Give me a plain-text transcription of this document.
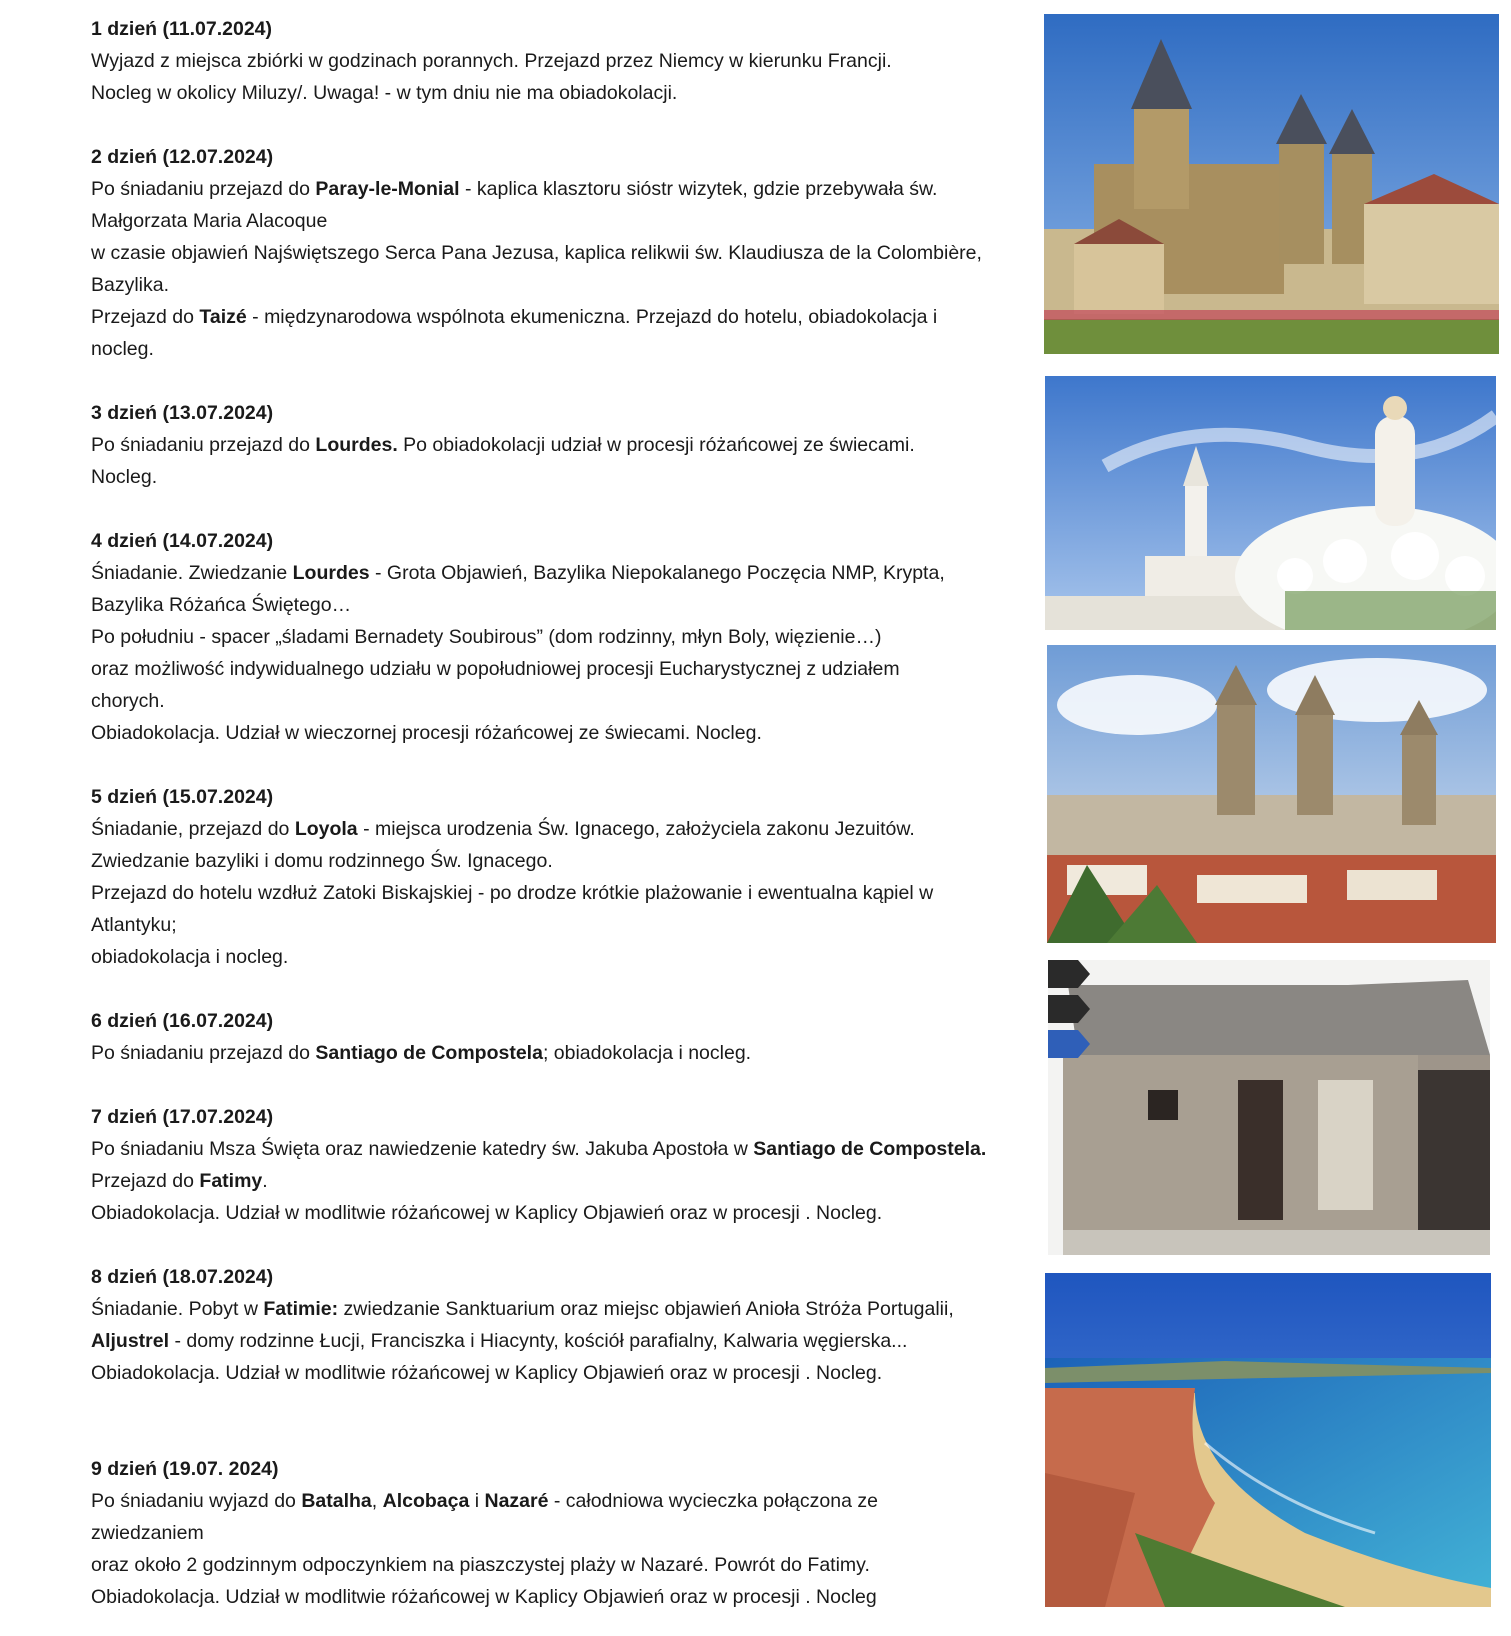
1 dzień (11.07.2024)
Wyjazd z miejsca zbiórki w godzinach porannych. Przejazd przez Niemcy w kierunku Francji.
Nocleg w okolicy Miluzy/. Uwaga! - w tym dniu nie ma obiadokolacji.
2 dzień (12.07.2024)
Po śniadaniu przejazd do Paray-le-Monial - kaplica klasztoru sióstr wizytek, gdzie przebywała św.
Małgorzata Maria Alacoque
w czasie objawień Najświętszego Serca Pana Jezusa, kaplica relikwii św. Klaudiusza de la Colombière,
Bazylika.
Przejazd do Taizé - międzynarodowa wspólnota ekumeniczna. Przejazd do hotelu, obiadokolacja i
nocleg.
3 dzień (13.07.2024)
Po śniadaniu przejazd do Lourdes. Po obiadokolacji udział w procesji różańcowej ze świecami.
Nocleg.
4 dzień (14.07.2024)
Śniadanie. Zwiedzanie Lourdes - Grota Objawień, Bazylika Niepokalanego Poczęcia NMP, Krypta,
Bazylika Różańca Świętego…
Po południu - spacer „śladami Bernadety Soubirous” (dom rodzinny, młyn Boly, więzienie…)
oraz możliwość indywidualnego udziału w popołudniowej procesji Eucharystycznej z udziałem
chorych.
Obiadokolacja. Udział w wieczornej procesji różańcowej ze świecami. Nocleg.
5 dzień (15.07.2024)
Śniadanie, przejazd do Loyola - miejsca urodzenia Św. Ignacego, założyciela zakonu Jezuitów.
Zwiedzanie bazyliki i domu rodzinnego Św. Ignacego.
Przejazd do hotelu wzdłuż Zatoki Biskajskiej - po drodze krótkie plażowanie i ewentualna kąpiel w
Atlantyku;
obiadokolacja i nocleg.
6 dzień (16.07.2024)
Po śniadaniu przejazd do Santiago de Compostela; obiadokolacja i nocleg.
7 dzień (17.07.2024)
Po śniadaniu Msza Święta oraz nawiedzenie katedry św. Jakuba Apostoła w Santiago de Compostela.
Przejazd do Fatimy.
Obiadokolacja. Udział w modlitwie różańcowej w Kaplicy Objawień oraz w procesji . Nocleg.
8 dzień (18.07.2024)
Śniadanie. Pobyt w Fatimie: zwiedzanie Sanktuarium oraz miejsc objawień Anioła Stróża Portugalii,
Aljustrel - domy rodzinne Łucji, Franciszka i Hiacynty, kościół parafialny, Kalwaria węgierska...
Obiadokolacja. Udział w modlitwie różańcowej w Kaplicy Objawień oraz w procesji . Nocleg.
9 dzień (19.07. 2024)
Po śniadaniu wyjazd do Batalha, Alcobaça i Nazaré - całodniowa wycieczka połączona ze
zwiedzaniem
oraz około 2 godzinnym odpoczynkiem na piaszczystej plaży w Nazaré. Powrót do Fatimy.
Obiadokolacja. Udział w modlitwie różańcowej w Kaplicy Objawień oraz w procesji . Nocleg
